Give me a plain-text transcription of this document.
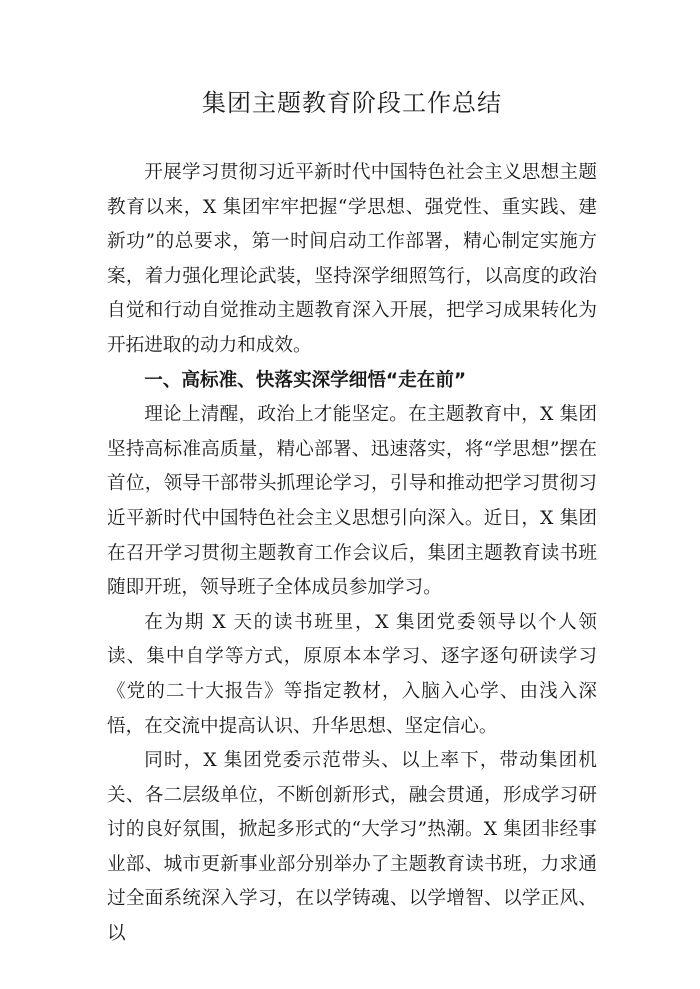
集团主题教育阶段工作总结

开展学习贯彻习近平新时代中国特色社会主义思想主题教育以来，X 集团牢牢把握“学思想、强党性、重实践、建新功”的总要求，第一时间启动工作部署，精心制定实施方案，着力强化理论武装，坚持深学细照笃行，以高度的政治自觉和行动自觉推动主题教育深入开展，把学习成果转化为开拓进取的动力和成效。

一、高标准、快落实深学细悟“走在前”

理论上清醒，政治上才能坚定。在主题教育中，X 集团坚持高标准高质量，精心部署、迅速落实，将“学思想”摆在首位，领导干部带头抓理论学习，引导和推动把学习贯彻习近平新时代中国特色社会主义思想引向深入。近日，X 集团在召开学习贯彻主题教育工作会议后，集团主题教育读书班随即开班，领导班子全体成员参加学习。

在为期 X 天的读书班里，X 集团党委领导以个人领读、集中自学等方式，原原本本学习、逐字逐句研读学习《党的二十大报告》等指定教材，入脑入心学、由浅入深悟，在交流中提高认识、升华思想、坚定信心。

同时，X 集团党委示范带头、以上率下，带动集团机关、各二层级单位，不断创新形式，融会贯通，形成学习研讨的良好氛围，掀起多形式的“大学习”热潮。X 集团非经事业部、城市更新事业部分别举办了主题教育读书班，力求通过全面系统深入学习，在以学铸魂、以学增智、以学正风、以
